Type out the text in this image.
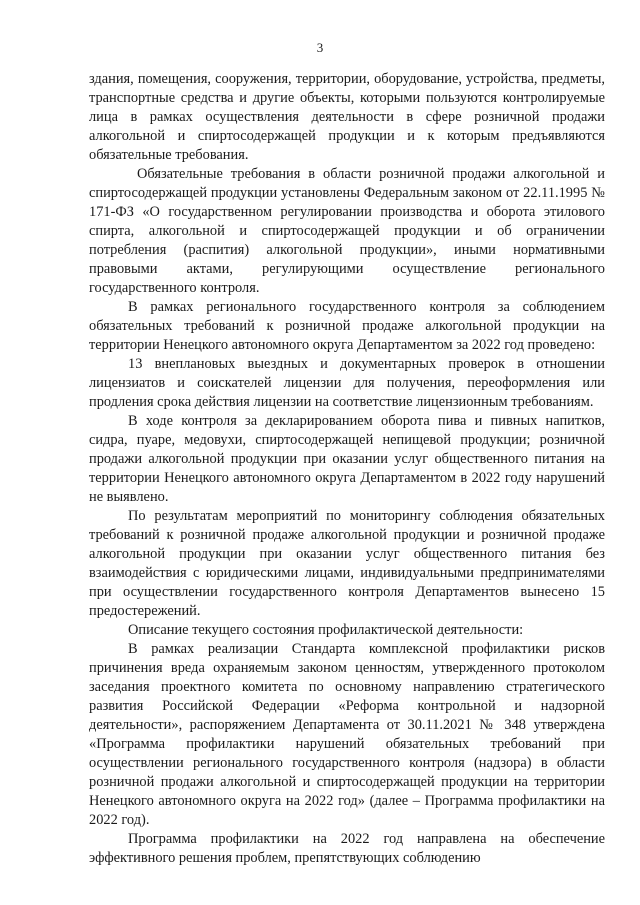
3

здания, помещения, сооружения, территории, оборудование, устройства, предметы, транспортные средства и другие объекты, которыми пользуются контролируемые лица в рамках осуществления деятельности в сфере розничной продажи алкогольной и спиртосодержащей продукции и к которым предъявляются обязательные требования.

Обязательные требования в области розничной продажи алкогольной и спиртосодержащей продукции установлены Федеральным законом от 22.11.1995 № 171-ФЗ «О государственном регулировании производства и оборота этилового спирта, алкогольной и спиртосодержащей продукции и об ограничении потребления (распития) алкогольной продукции», иными нормативными правовыми актами, регулирующими осуществление регионального государственного контроля.

В рамках регионального государственного контроля за соблюдением обязательных требований к розничной продаже алкогольной продукции на территории Ненецкого автономного округа Департаментом за 2022 год проведено:

13 внеплановых выездных и документарных проверок в отношении лицензиатов и соискателей лицензии для получения, переоформления или продления срока действия лицензии на соответствие лицензионным требованиям.

В ходе контроля за декларированием оборота пива и пивных напитков, сидра, пуаре, медовухи, спиртосодержащей непищевой продукции; розничной продажи алкогольной продукции при оказании услуг общественного питания на территории Ненецкого автономного округа Департаментом в 2022 году нарушений не выявлено.

По результатам мероприятий по мониторингу соблюдения обязательных требований к розничной продаже алкогольной продукции и розничной продаже алкогольной продукции при оказании услуг общественного питания без взаимодействия с юридическими лицами, индивидуальными предпринимателями при осуществлении государственного контроля Департаментов вынесено 15 предостережений.

Описание текущего состояния профилактической деятельности:

В рамках реализации Стандарта комплексной профилактики рисков причинения вреда охраняемым законом ценностям, утвержденного протоколом заседания проектного комитета по основному направлению стратегического развития Российской Федерации «Реформа контрольной и надзорной деятельности», распоряжением Департамента от 30.11.2021 № 348 утверждена «Программа профилактики нарушений обязательных требований при осуществлении регионального государственного контроля (надзора) в области розничной продажи алкогольной и спиртосодержащей продукции на территории Ненецкого автономного округа на 2022 год» (далее – Программа профилактики на 2022 год).

Программа профилактики на 2022 год направлена на обеспечение эффективного решения проблем, препятствующих соблюдению
